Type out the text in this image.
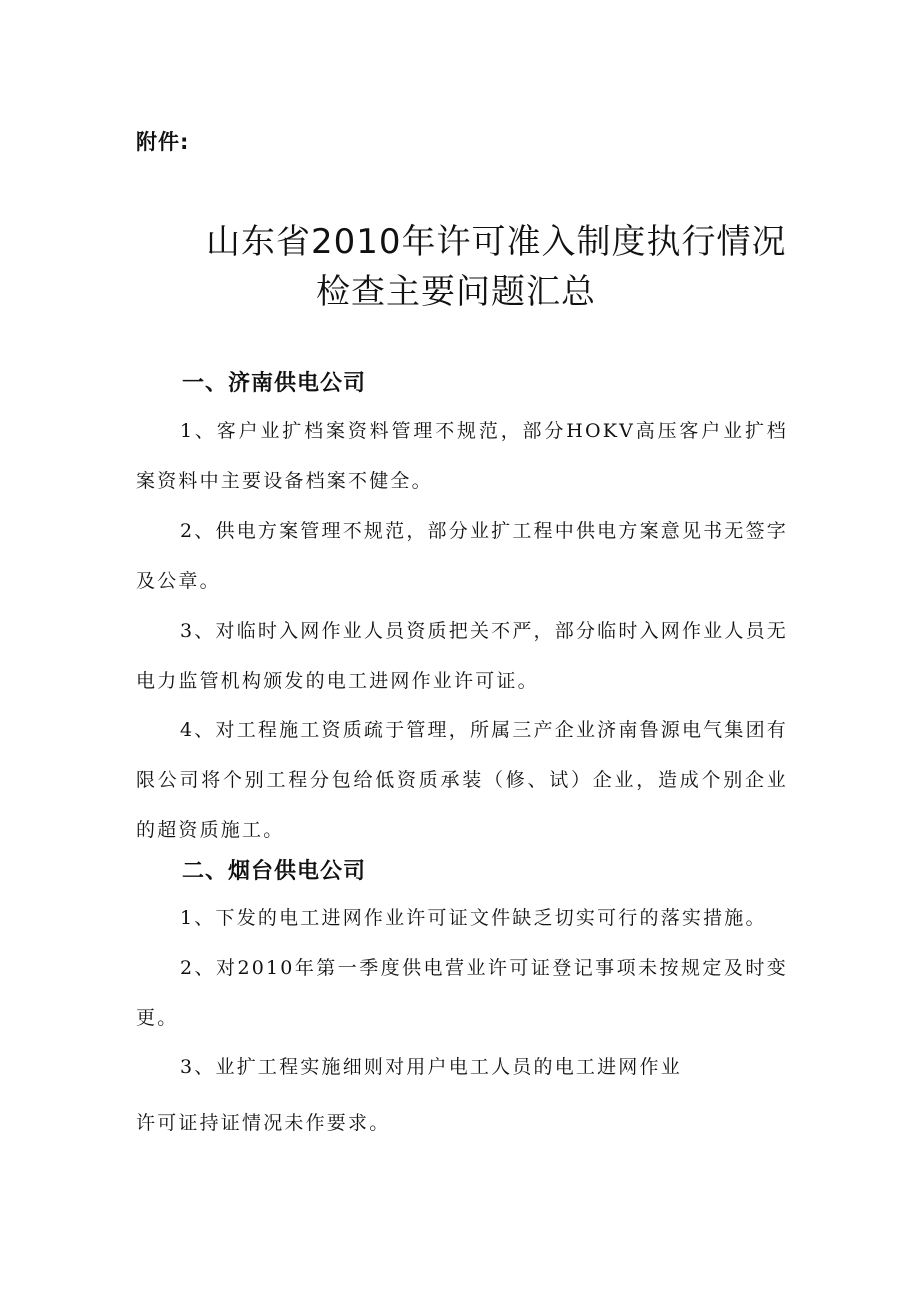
附件:
山东省2010年许可准入制度执行情况
检查主要问题汇总
一、济南供电公司

1、客户业扩档案资料管理不规范，部分HOKV高压客户业扩档案资料中主要设备档案不健全。

2、供电方案管理不规范，部分业扩工程中供电方案意见书无签字及公章。

3、对临时入网作业人员资质把关不严，部分临时入网作业人员无电力监管机构颁发的电工进网作业许可证。

4、对工程施工资质疏于管理，所属三产企业济南鲁源电气集团有限公司将个别工程分包给低资质承装（修、试）企业，造成个别企业的超资质施工。

二、烟台供电公司

1、下发的电工进网作业许可证文件缺乏切实可行的落实措施。

2、对2010年第一季度供电营业许可证登记事项未按规定及时变更。

3、业扩工程实施细则对用户电工人员的电工进网作业

许可证持证情况未作要求。
